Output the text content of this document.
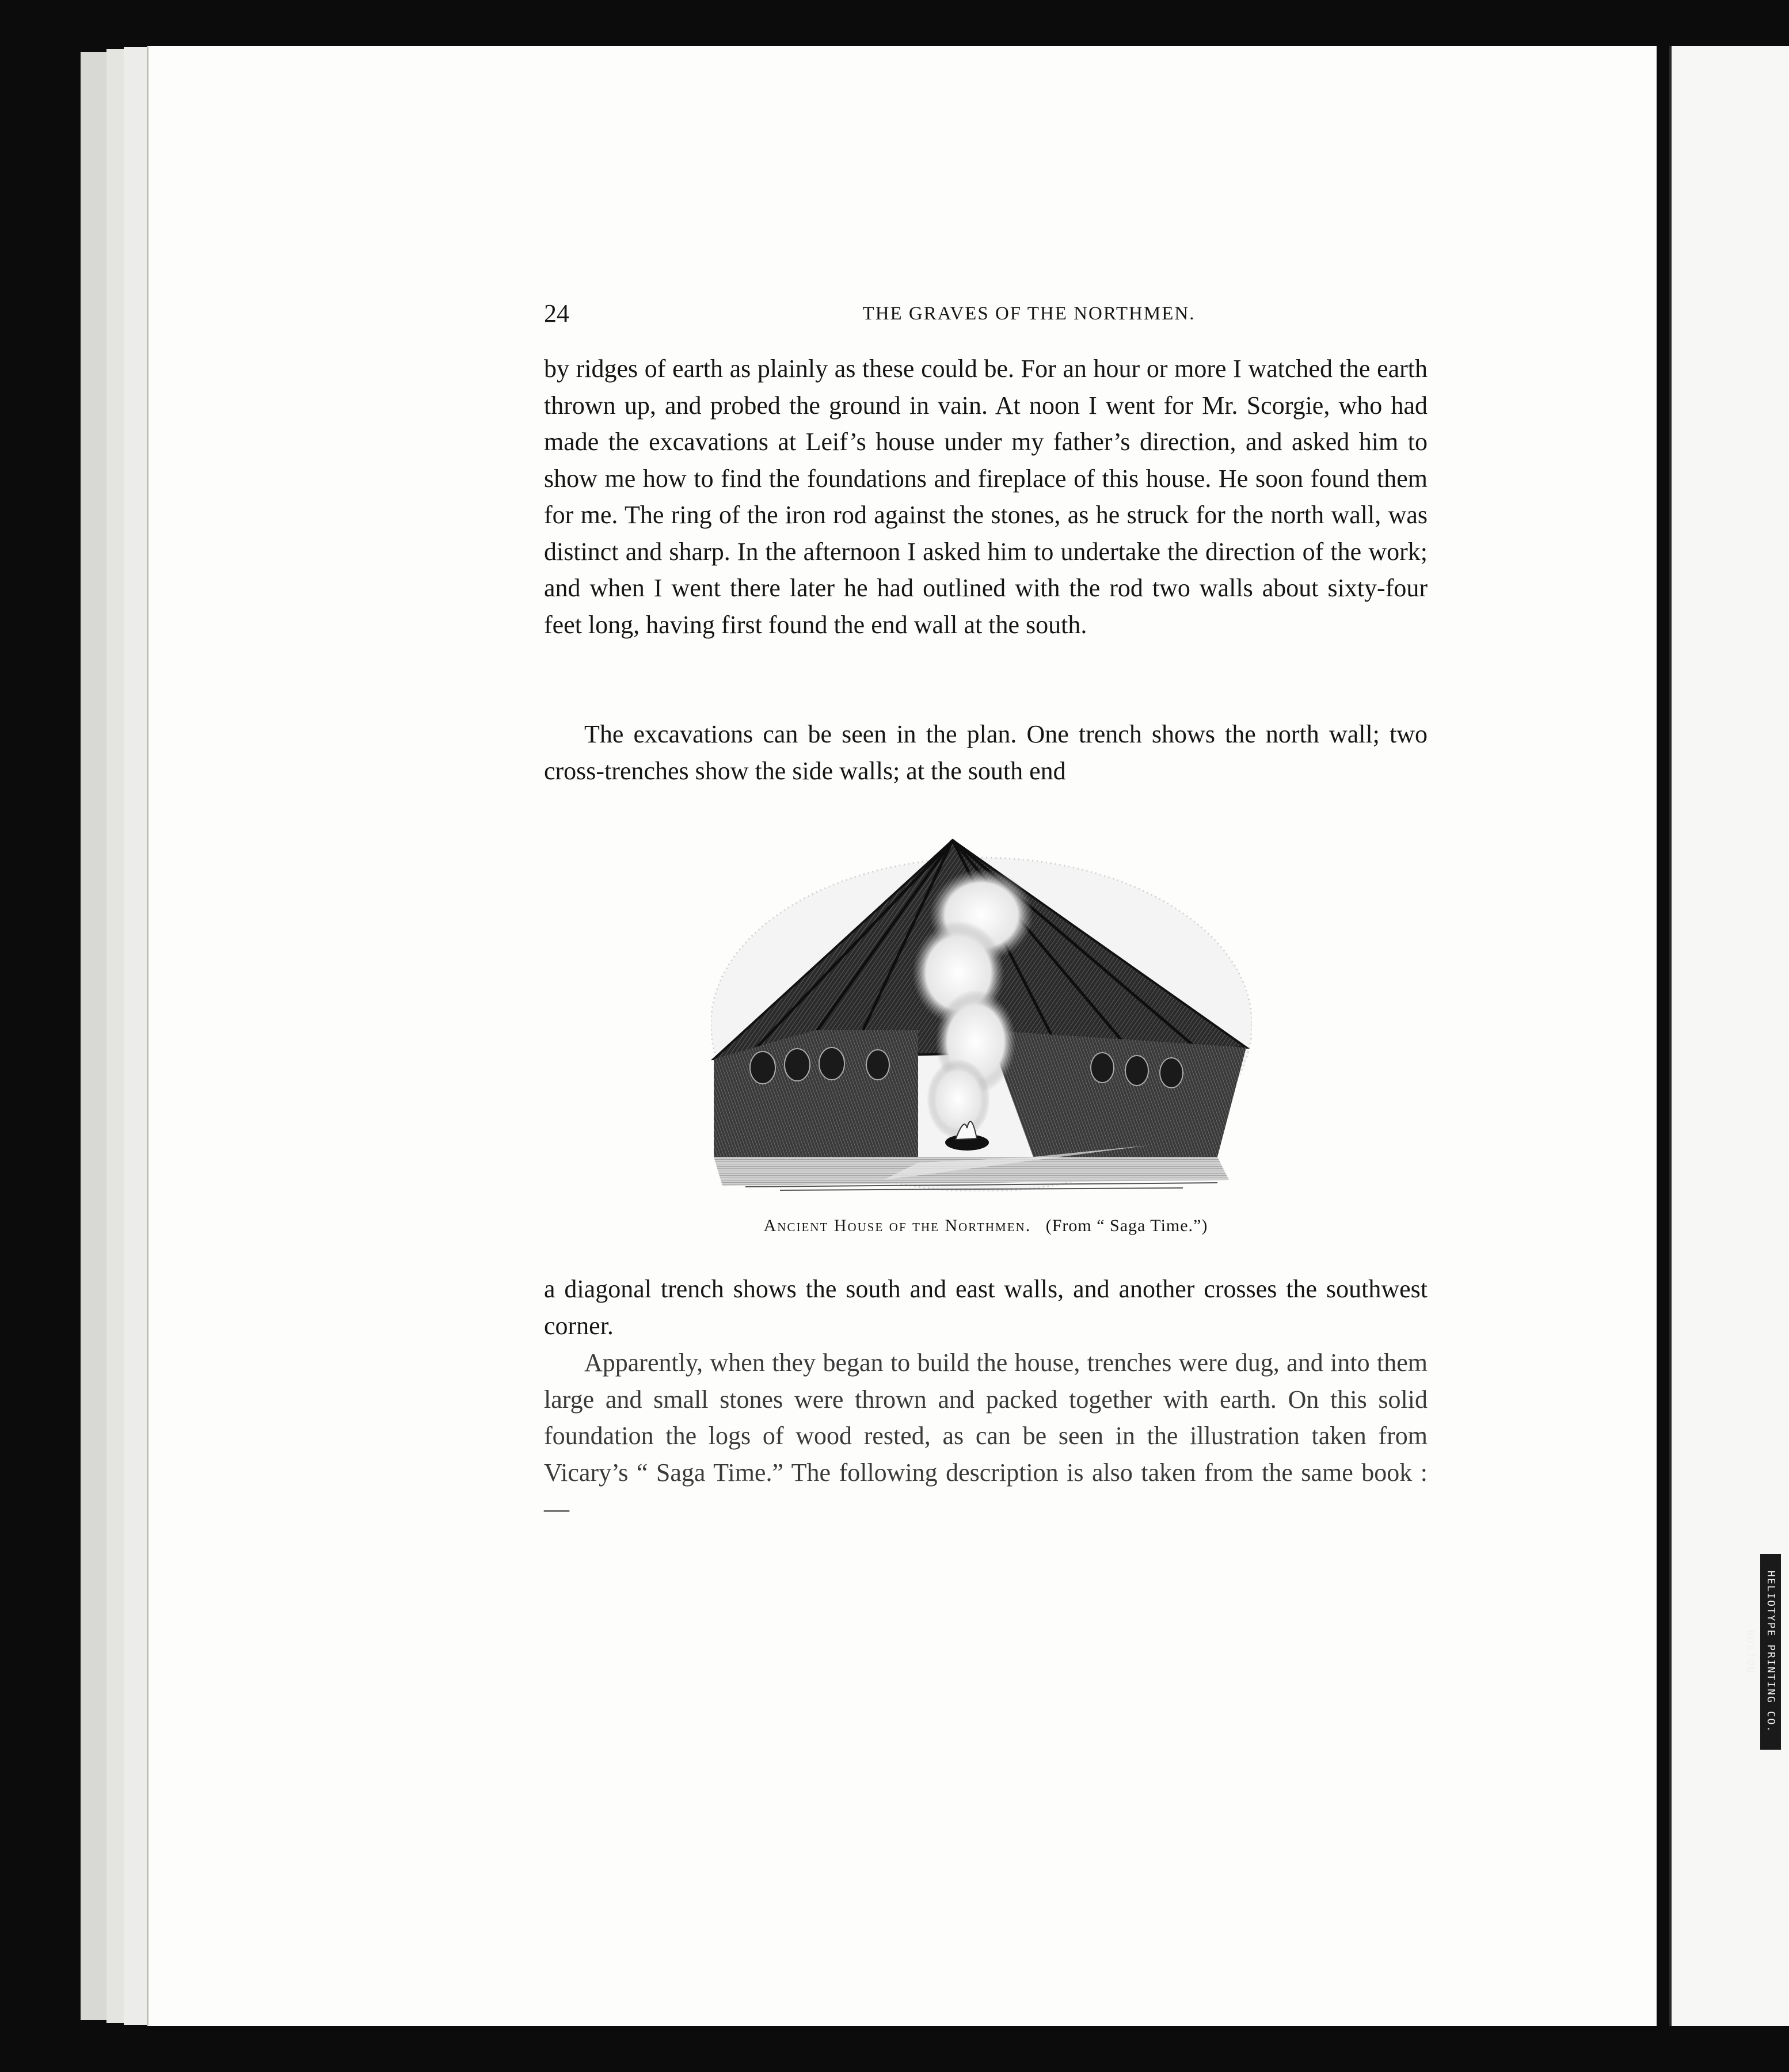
HELIOTYPE PRINTING CO. BOSTON
24	THE GRAVES OF THE NORTHMEN.

by ridges of earth as plainly as these could be. For an hour or more I watched the earth thrown up, and probed the ground in vain. At noon I went for Mr. Scorgie, who had made the excavations at Leif’s house under my father’s direction, and asked him to show me how to find the foundations and fireplace of this house. He soon found them for me. The ring of the iron rod against the stones, as he struck for the north wall, was distinct and sharp. In the afternoon I asked him to undertake the direction of the work; and when I went there later he had outlined with the rod two walls about sixty-four feet long, having first found the end wall at the south.

The excavations can be seen in the plan. One trench shows the north wall; two cross-trenches show the side walls; at the south end

Ancient House of the Northmen. (From “ Saga Time.”)

a diagonal trench shows the south and east walls, and another crosses the southwest corner.

Apparently, when they began to build the house, trenches were dug, and into them large and small stones were thrown and packed together with earth. On this solid foundation the logs of wood rested, as can be seen in the illustration taken from Vicary’s “ Saga Time.” The following description is also taken from the same book : —
